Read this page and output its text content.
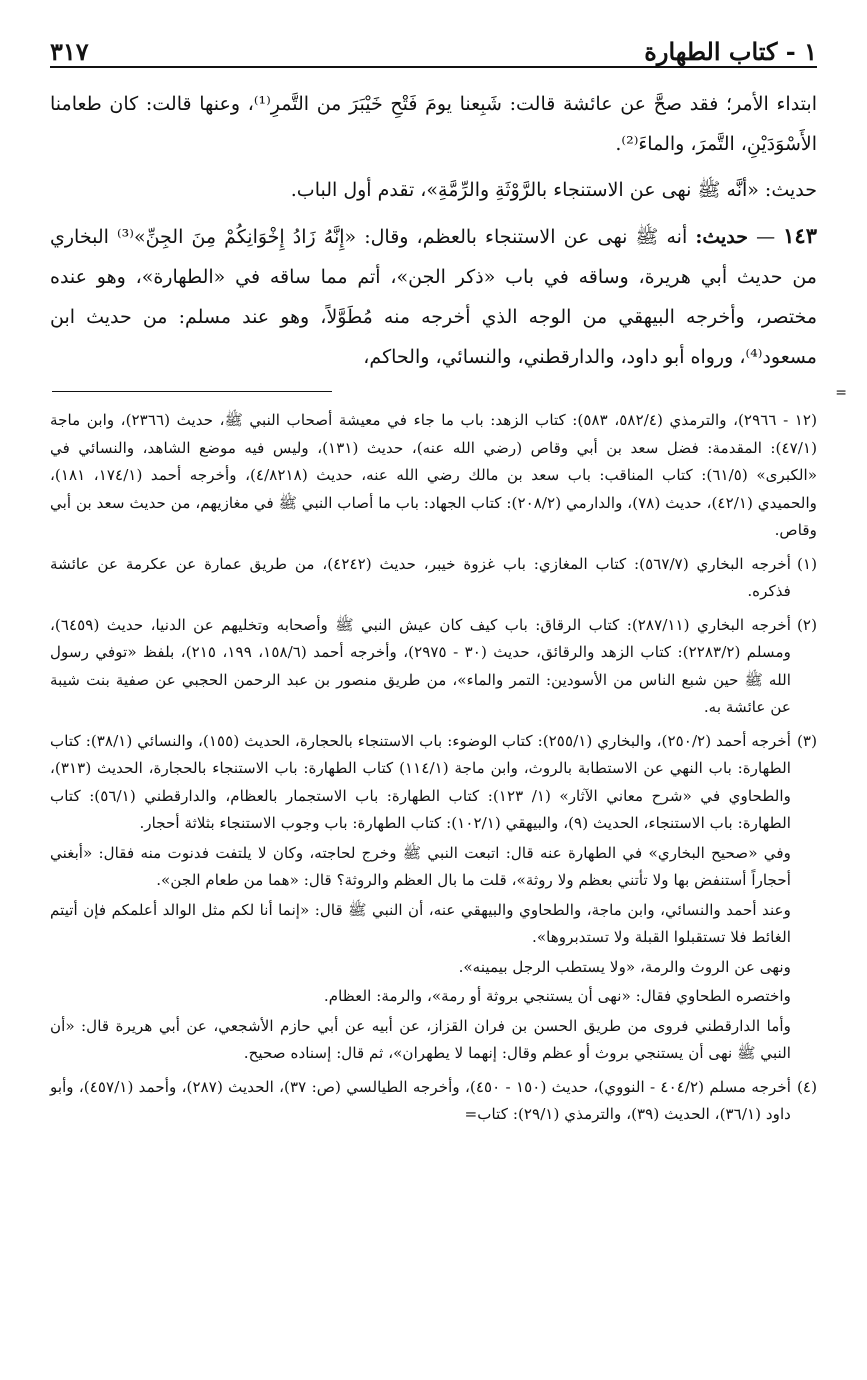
١ - كتاب الطهارة
٣١٧

ابتداء الأمر؛ فقد صحَّ عن عائشة قالت: شَبِعنا يومَ فَتْحِ خَيْبَرَ من التَّمرِ⁽¹⁾، وعنها قالت: كان طعامنا الأَسْوَدَيْنِ، التَّمرَ، والماءَ⁽²⁾.

حديث: «أنَّه ﷺ نهى عن الاستنجاء بالرَّوْثَةِ والرِّمَّةِ»، تقدم أول الباب.

١٤٣ — حديث: أنه ﷺ نهى عن الاستنجاء بالعظم، وقال: «إِنَّهُ زَادُ إِخْوَانِكُمْ مِنَ الجِنِّ»⁽³⁾ البخاري من حديث أبي هريرة، وساقه في باب «ذكر الجن»، أتم مما ساقه في «الطهارة»، وهو عنده مختصر، وأخرجه البيهقي من الوجه الذي أخرجه منه مُطَوَّلاً، وهو عند مسلم: من حديث ابن مسعود⁽⁴⁾، ورواه أبو داود، والدارقطني، والنسائي، والحاكم،

=

(١٢ - ٢٩٦٦)، والترمذي (٥٨٢/٤، ٥٨٣): كتاب الزهد: باب ما جاء في معيشة أصحاب النبي ﷺ، حديث (٢٣٦٦)، وابن ماجة (٤٧/١): المقدمة: فضل سعد بن أبي وقاص (رضي الله عنه)، حديث (١٣١)، وليس فيه موضع الشاهد، والنسائي في «الكبرى» (٦١/٥): كتاب المناقب: باب سعد بن مالك رضي الله عنه، حديث (٤/٨٢١٨)، وأخرجه أحمد (١٧٤/١، ١٨١)، والحميدي (٤٢/١)، حديث (٧٨)، والدارمي (٢٠٨/٢): كتاب الجهاد: باب ما أصاب النبي ﷺ في مغازيهم، من حديث سعد بن أبي وقاص.

(١)

أخرجه البخاري (٥٦٧/٧): كتاب المغازي: باب غزوة خيبر، حديث (٤٢٤٢)، من طريق عمارة عن عكرمة عن عائشة فذكره.

(٢)

أخرجه البخاري (٢٨٧/١١): كتاب الرقاق: باب كيف كان عيش النبي ﷺ وأصحابه وتخليهم عن الدنيا، حديث (٦٤٥٩)، ومسلم (٢٢٨٣/٢): كتاب الزهد والرقائق، حديث (٣٠ - ٢٩٧٥)، وأخرجه أحمد (١٥٨/٦، ١٩٩، ٢١٥)، بلفظ «توفي رسول الله ﷺ حين شبع الناس من الأسودين: التمر والماء»، من طريق منصور بن عبد الرحمن الحجبي عن صفية بنت شيبة عن عائشة به.

(٣)

أخرجه أحمد (٢٥٠/٢)، والبخاري (٢٥٥/١): كتاب الوضوء: باب الاستنجاء بالحجارة، الحديث (١٥٥)، والنسائي (٣٨/١): كتاب الطهارة: باب النهي عن الاستطابة بالروث، وابن ماجة (١١٤/١) كتاب الطهارة: باب الاستنجاء بالحجارة، الحديث (٣١٣)، والطحاوي في «شرح معاني الآثار» (١/ ١٢٣): كتاب الطهارة: باب الاستجمار بالعظام، والدارقطني (٥٦/١): كتاب الطهارة: باب الاستنجاء، الحديث (٩)، والبيهقي (١٠٢/١): كتاب الطهارة: باب وجوب الاستنجاء بثلاثة أحجار.

وفي «صحيح البخاري» في الطهارة عنه قال: اتبعت النبي ﷺ وخرج لحاجته، وكان لا يلتفت فدنوت منه فقال: «أبغني أحجاراً أستنفض بها ولا تأتني بعظم ولا روثة»، قلت ما بال العظم والروثة؟ قال: «هما من طعام الجن».

وعند أحمد والنسائي، وابن ماجة، والطحاوي والبيهقي عنه، أن النبي ﷺ قال: «إنما أنا لكم مثل الوالد أعلمكم فإن أتيتم الغائط فلا تستقبلوا القبلة ولا تستدبروها».

ونهى عن الروث والرمة، «ولا يستطب الرجل بيمينه».

واختصره الطحاوي فقال: «نهى أن يستنجي بروثة أو رمة»، والرمة: العظام.

وأما الدارقطني فروى من طريق الحسن بن فران القزاز، عن أبيه عن أبي حازم الأشجعي، عن أبي هريرة قال: «أن النبي ﷺ نهى أن يستنجي بروث أو عظم وقال: إنهما لا يطهران»، ثم قال: إسناده صحيح.

(٤)

أخرجه مسلم (٤٠٤/٢ - النووي)، حديث (١٥٠ - ٤٥٠)، وأخرجه الطيالسي (ص: ٣٧)، الحديث (٢٨٧)، وأحمد (٤٥٧/١)، وأبو داود (٣٦/١)، الحديث (٣٩)، والترمذي (٢٩/١): كتاب=
